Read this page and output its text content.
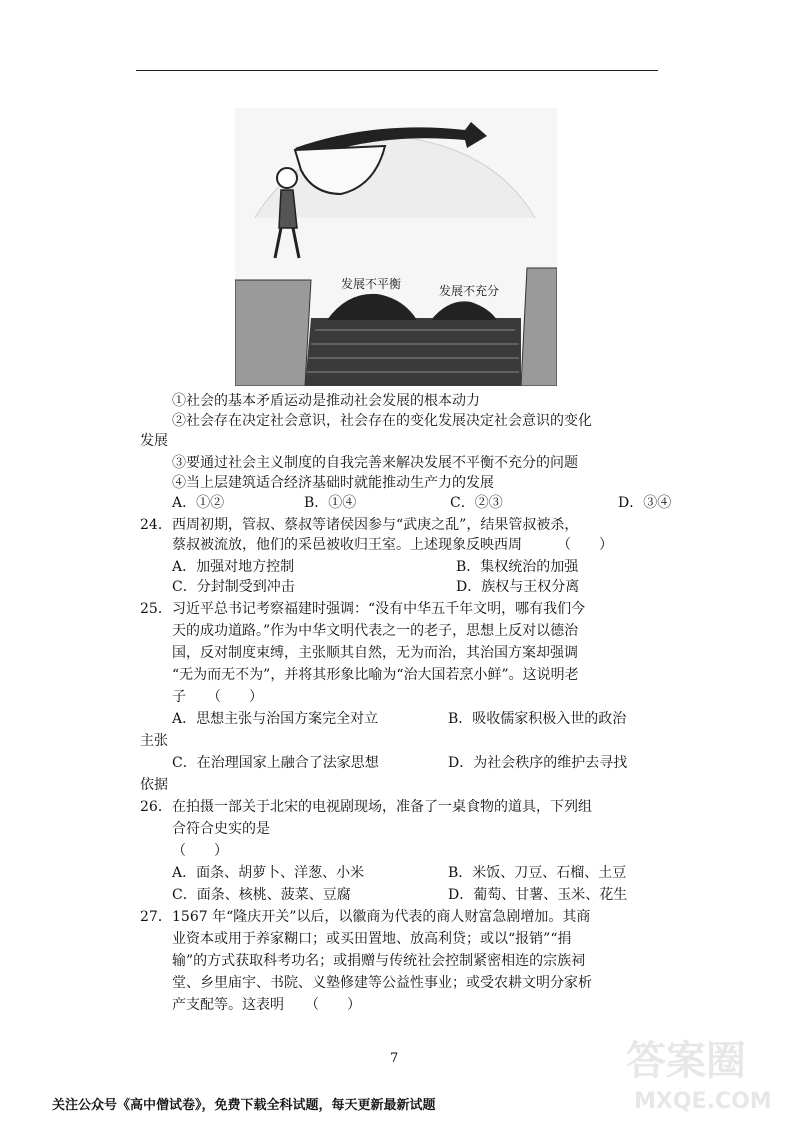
发展不平衡	发展不充分
①社会的基本矛盾运动是推动社会发展的根本动力
②社会存在决定社会意识，社会存在的变化发展决定社会意识的变化
发展
③要通过社会主义制度的自我完善来解决发展不平衡不充分的问题
④当上层建筑适合经济基础时就能推动生产力的发展
A．①②	B．①④	C．②③	D．③④
24． 西周初期，管叔、蔡叔等诸侯因参与“武庚之乱”，结果管叔被杀，
蔡叔被流放，他们的采邑被收归王室。上述现象反映西周　　　（　　）
A．加强对地方控制	B．集权统治的加强
C．分封制受到冲击	D．族权与王权分离
25． 习近平总书记考察福建时强调：“没有中华五千年文明，哪有我们今
天的成功道路。”作为中华文明代表之一的老子，思想上反对以德治
国，反对制度束缚，主张顺其自然，无为而治，其治国方案却强调
“无为而无不为”，并将其形象比喻为“治大国若烹小鲜”。这说明老
子　　（　　）
A．思想主张与治国方案完全对立	B．吸收儒家积极入世的政治
主张
C．在治理国家上融合了法家思想	D．为社会秩序的维护去寻找
依据
26． 在拍摄一部关于北宋的电视剧现场，准备了一桌食物的道具，下列组
合符合史实的是
（　　）
A．面条、胡萝卜、洋葱、小米	B．米饭、刀豆、石榴、土豆
C．面条、核桃、菠菜、豆腐	D．葡萄、甘薯、玉米、花生
27． 1567 年“隆庆开关”以后，以徽商为代表的商人财富急剧增加。其商
业资本或用于养家糊口；或买田置地、放高利贷；或以“报销”“捐
输”的方式获取科考功名；或捐赠与传统社会控制紧密相连的宗族祠
堂、乡里庙宇、书院、义塾修建等公益性事业；或受农耕文明分家析
产支配等。这表明　　（　　）
7	答案圈
MXQE.COM
关注公众号《高中僧试卷》，免费下载全科试题，每天更新最新试题
